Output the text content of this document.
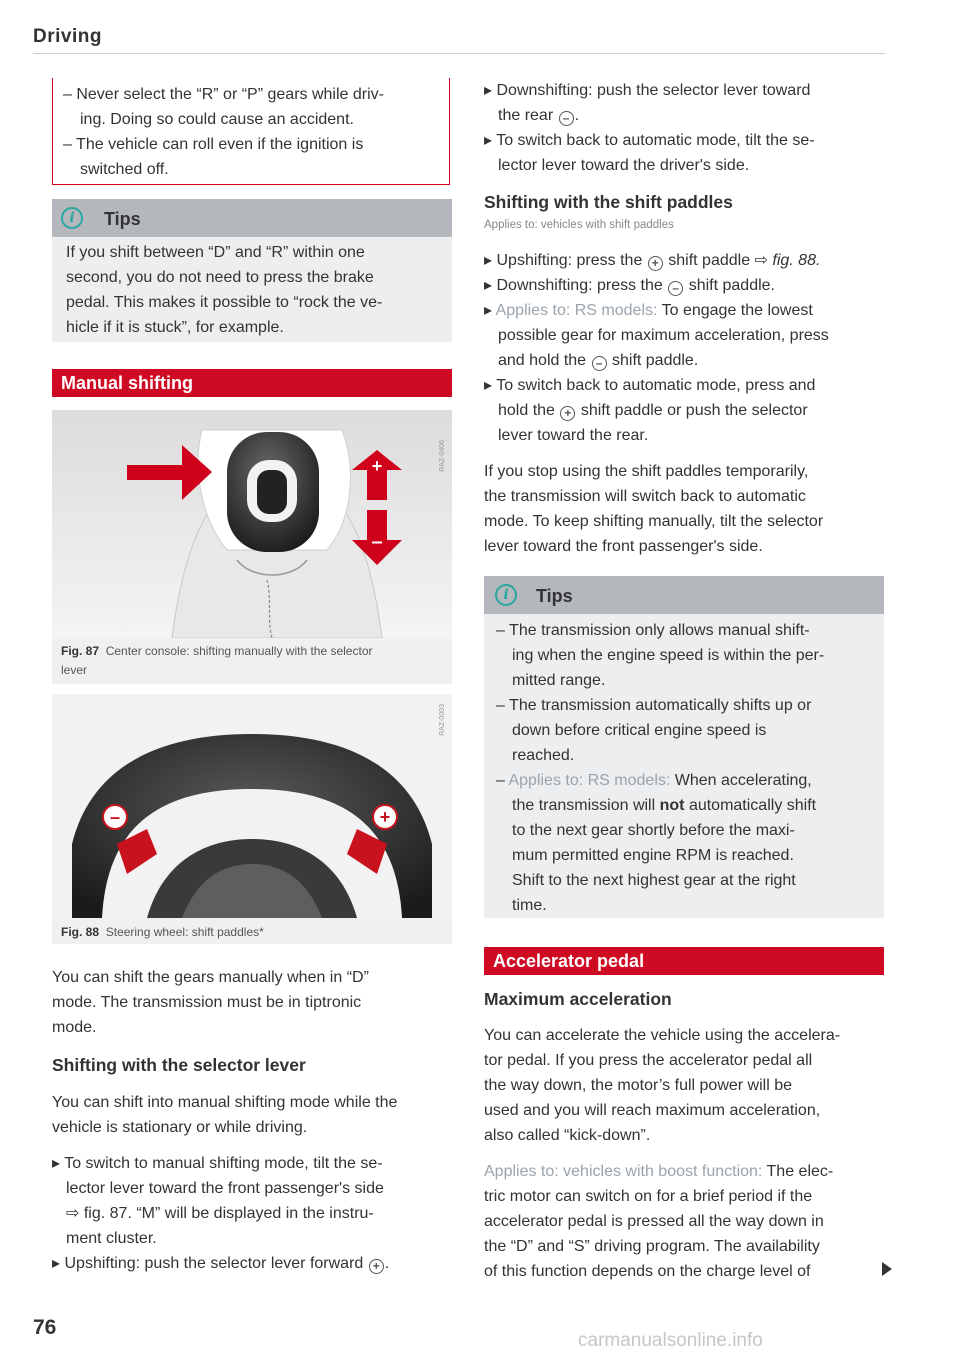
Driving
– Never select the “R” or “P” gears while driv-
ing. Doing so could cause an accident.
– The vehicle can roll even if the ignition is
switched off.
i	Tips
If you shift between “D” and “R” within one
second, you do not need to press the brake
pedal. This makes it possible to “rock the ve-
hicle if it is stuck”, for example.
Manual shifting
+
–
RAZ-0406
Fig. 87 Center console: shifting manually with the selector
lever
–	+
RAZ-0003
Fig. 88 Steering wheel: shift paddles*
You can shift the gears manually when in “D”
mode. The transmission must be in tiptronic
mode.
Shifting with the selector lever
You can shift into manual shifting mode while the
vehicle is stationary or while driving.
▸ To switch to manual shifting mode, tilt the se-
lector lever toward the front passenger's side
⇨ fig. 87. “M” will be displayed in the instru-
ment cluster.
▸ Upshifting: push the selector lever forward + .
76
▸ Downshifting: push the selector lever toward
the rear – .
▸ To switch back to automatic mode, tilt the se-
lector lever toward the driver's side.
Shifting with the shift paddles
Applies to: vehicles with shift paddles
▸ Upshifting: press the + shift paddle ⇨ fig. 88.
▸ Downshifting: press the – shift paddle.
▸ Applies to: RS models: To engage the lowest
possible gear for maximum acceleration, press
and hold the – shift paddle.
▸ To switch back to automatic mode, press and
hold the + shift paddle or push the selector
lever toward the rear.
If you stop using the shift paddles temporarily,
the transmission will switch back to automatic
mode. To keep shifting manually, tilt the selector
lever toward the front passenger's side.
i	Tips
– The transmission only allows manual shift-
ing when the engine speed is within the per-
mitted range.
– The transmission automatically shifts up or
down before critical engine speed is
reached.
– Applies to: RS models: When accelerating,
the transmission will not automatically shift
to the next gear shortly before the maxi-
mum permitted engine RPM is reached.
Shift to the next highest gear at the right
time.
Accelerator pedal
Maximum acceleration
You can accelerate the vehicle using the accelera-
tor pedal. If you press the accelerator pedal all
the way down, the motor’s full power will be
used and you will reach maximum acceleration,
also called “kick-down”.
Applies to: vehicles with boost function: The elec-
tric motor can switch on for a brief period if the
accelerator pedal is pressed all the way down in
the “D” and “S” driving program. The availability
of this function depends on the charge level of
carmanualsonline.info
